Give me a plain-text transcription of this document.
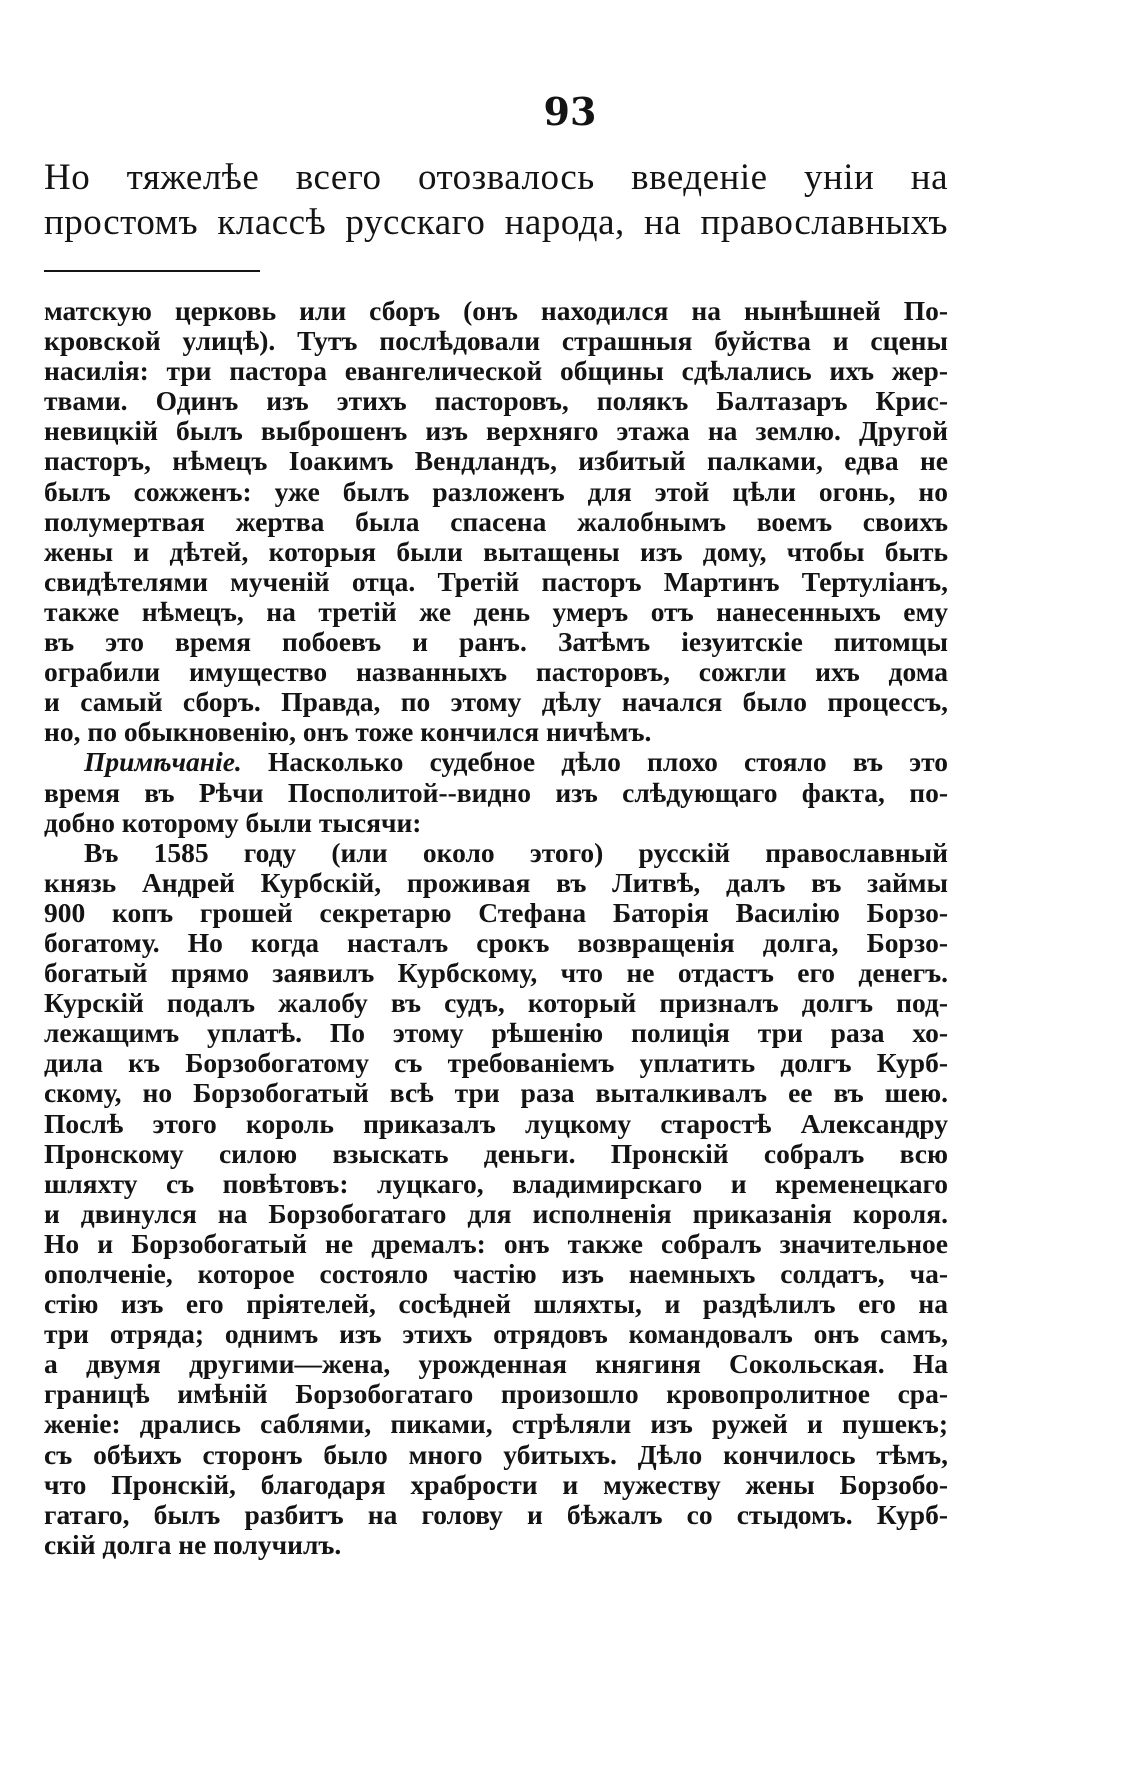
93

Но тяжелѣе всего отозвалось введеніе уніи на простомъ классѣ русскаго народа, на православныхъ

матскую церковь или сборъ (онъ находился на нынѣшней По-
кровской улицѣ). Тутъ послѣдовали страшныя буйства и сцены
насилія: три пастора евангелической общины сдѣлались ихъ жер-
твами. Одинъ изъ этихъ пасторовъ, полякъ Балтазаръ Крис-
невицкій былъ выброшенъ изъ верхняго этажа на землю. Другой
пасторъ, нѣмецъ Іоакимъ Вендландъ, избитый палками, едва не
былъ сожженъ: уже былъ разложенъ для этой цѣли огонь, но
полумертвая жертва была спасена жалобнымъ воемъ своихъ
жены и дѣтей, которыя были вытащены изъ дому, чтобы быть
свидѣтелями мученій отца. Третій пасторъ Мартинъ Тертуліанъ,
также нѣмецъ, на третій же день умеръ отъ нанесенныхъ ему
въ это время побоевъ и ранъ. Затѣмъ іезуитскіе питомцы
ограбили имущество названныхъ пасторовъ, сожгли ихъ дома
и самый сборъ. Правда, по этому дѣлу начался было процессъ,
но, по обыкновенію, онъ тоже кончился ничѣмъ.
Примѣчаніе. Насколько судебное дѣло плохо стояло въ это
время въ Рѣчи Посполитой--видно изъ слѣдующаго факта, по-
добно которому были тысячи:
Въ 1585 году (или около этого) русскій православный
князь Андрей Курбскій, проживая въ Литвѣ, далъ въ займы
900 копъ грошей секретарю Стефана Баторія Василію Борзо-
богатому. Но когда насталъ срокъ возвращенія долга, Борзо-
богатый прямо заявилъ Курбскому, что не отдастъ его денегъ.
Курскій подалъ жалобу въ судъ, который призналъ долгъ под-
лежащимъ уплатѣ. По этому рѣшенію полиція три раза хо-
дила къ Борзобогатому съ требованіемъ уплатить долгъ Курб-
скому, но Борзобогатый всѣ три раза выталкивалъ ее въ шею.
Послѣ этого король приказалъ луцкому старостѣ Александру
Пронскому силою взыскать деньги. Пронскій собралъ всю
шляхту съ повѣтовъ: луцкаго, владимирскаго и кременецкаго
и двинулся на Борзобогатаго для исполненія приказанія короля.
Но и Борзобогатый не дремалъ: онъ также собралъ значительное
ополченіе, которое состояло частію изъ наемныхъ солдатъ, ча-
стію изъ его пріятелей, сосѣдней шляхты, и раздѣлилъ его на
три отряда; однимъ изъ этихъ отрядовъ командовалъ онъ самъ,
а двумя другими—жена, урожденная княгиня Сокольская. На
границѣ имѣній Борзобогатаго произошло кровопролитное сра-
женіе: дрались саблями, пиками, стрѣляли изъ ружей и пушекъ;
съ обѣихъ сторонъ было много убитыхъ. Дѣло кончилось тѣмъ,
что Пронскій, благодаря храбрости и мужеству жены Борзобо-
гатаго, былъ разбитъ на голову и бѣжалъ со стыдомъ. Курб-
скій долга не получилъ.
